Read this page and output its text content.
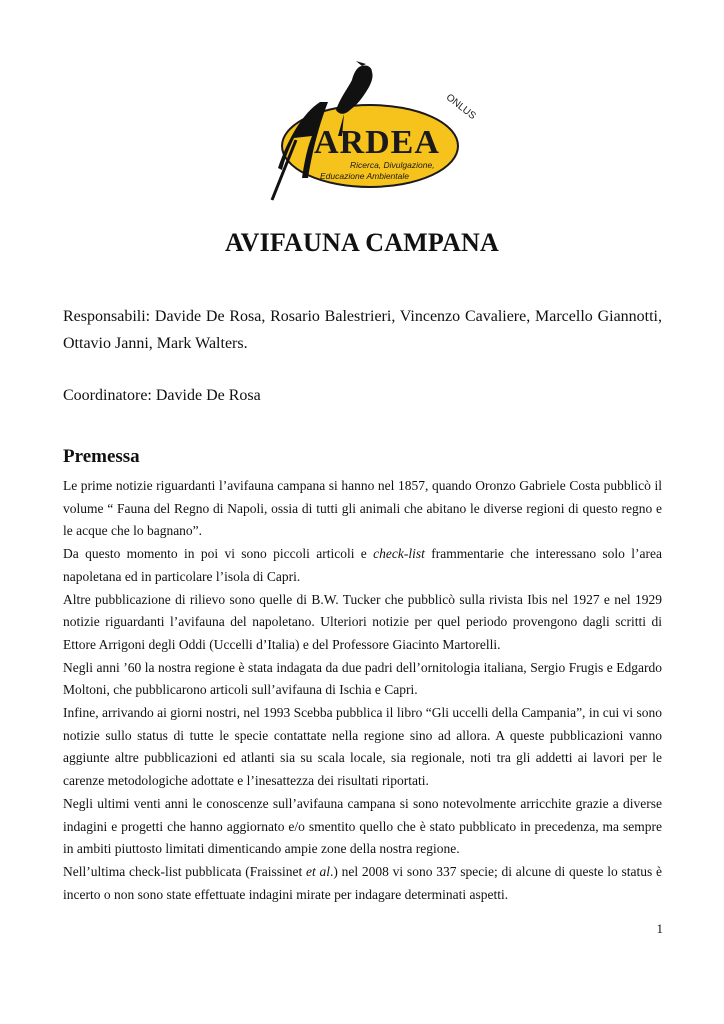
ARDEA
Ricerca, Divulgazione,
Educazione Ambientale
ONLUS
AVIFAUNA CAMPANA
Responsabili: Davide De Rosa, Rosario Balestrieri, Vincenzo Cavaliere, Marcello Giannotti, Ottavio Janni, Mark Walters.
Coordinatore: Davide De Rosa
Premessa

Le prime notizie riguardanti l’avifauna campana si hanno nel 1857, quando Oronzo Gabriele Costa pubblicò il volume “ Fauna del Regno di Napoli, ossia di tutti gli animali che abitano le diverse regioni di questo regno e le acque che lo bagnano”.

Da questo momento in poi vi sono piccoli articoli e check-list frammentarie che interessano solo l’area napoletana ed in particolare l’isola di Capri.

Altre pubblicazione di rilievo sono quelle di B.W. Tucker che pubblicò sulla rivista Ibis nel 1927 e nel 1929 notizie riguardanti l’avifauna del napoletano. Ulteriori notizie per quel periodo provengono dagli scritti di Ettore Arrigoni degli Oddi (Uccelli d’Italia) e del Professore Giacinto Martorelli.

Negli anni ’60 la nostra regione è stata indagata da due padri dell’ornitologia italiana, Sergio Frugis e Edgardo Moltoni, che pubblicarono articoli sull’avifauna di Ischia e Capri.

Infine, arrivando ai giorni nostri, nel 1993 Scebba pubblica il libro “Gli uccelli della Campania”, in cui vi sono notizie sullo status di tutte le specie contattate nella regione sino ad allora. A queste pubblicazioni vanno aggiunte altre pubblicazioni ed atlanti sia su scala locale, sia regionale, noti tra gli addetti ai lavori per le carenze metodologiche adottate e l’inesattezza dei risultati riportati.

Negli ultimi venti anni le conoscenze sull’avifauna campana si sono notevolmente arricchite grazie a diverse indagini e progetti che hanno aggiornato e/o smentito quello che è stato pubblicato in precedenza, ma sempre in ambiti piuttosto limitati dimenticando ampie zone della nostra regione.

Nell’ultima check-list pubblicata (Fraissinet et al.) nel 2008 vi sono 337 specie; di alcune di queste lo status è incerto o non sono state effettuate indagini mirate per indagare determinati aspetti.

1
